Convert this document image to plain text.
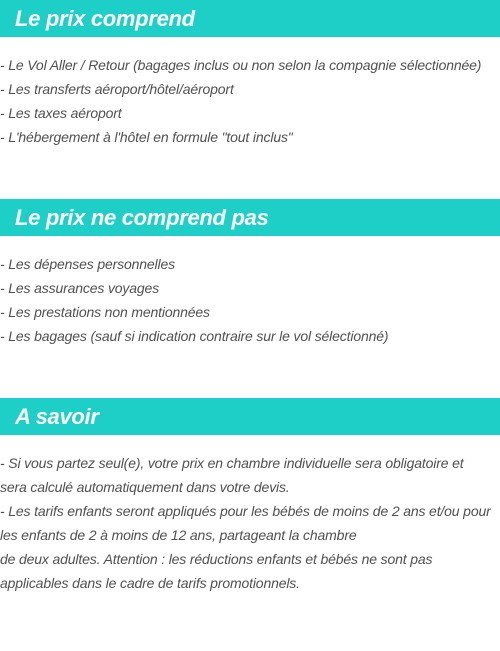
Le prix comprend
- Le Vol Aller / Retour (bagages inclus ou non selon la compagnie sélectionnée)
- Les transferts aéroport/hôtel/aéroport
- Les taxes aéroport
- L'hébergement à l'hôtel en formule "tout inclus"
Le prix ne comprend pas
- Les dépenses personnelles
- Les assurances voyages
- Les prestations non mentionnées
- Les bagages (sauf si indication contraire sur le vol sélectionné)
A savoir
- Si vous partez seul(e), votre prix en chambre individuelle sera obligatoire et
sera calculé automatiquement dans votre devis.
- Les tarifs enfants seront appliqués pour les bébés de moins de 2 ans et/ou pour
les enfants de 2 à moins de 12 ans, partageant la chambre
de deux adultes. Attention : les réductions enfants et bébés ne sont pas
applicables dans le cadre de tarifs promotionnels.
